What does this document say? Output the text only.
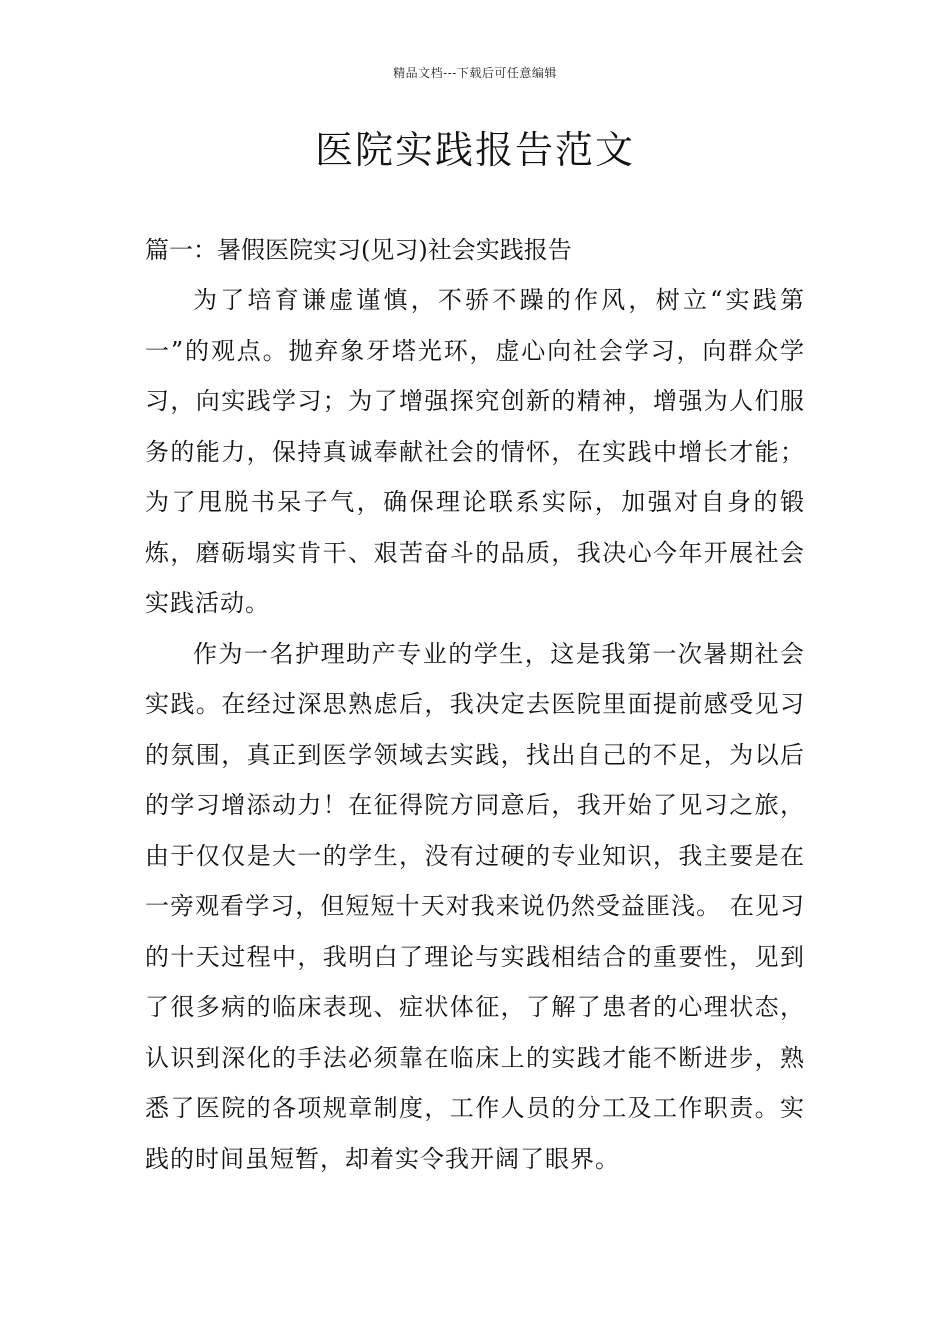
精品文档---下载后可任意编辑
医院实践报告范文
篇一：暑假医院实习(见习)社会实践报告

为了培育谦虚谨慎，不骄不躁的作风，树立“实践第一”的观点。抛弃象牙塔光环，虚心向社会学习，向群众学习，向实践学习；为了增强探究创新的精神，增强为人们服务的能力，保持真诚奉献社会的情怀，在实践中增长才能；为了甩脱书呆子气，确保理论联系实际，加强对自身的锻炼，磨砺塌实肯干、艰苦奋斗的品质，我决心今年开展社会实践活动。

作为一名护理助产专业的学生，这是我第一次暑期社会实践。在经过深思熟虑后，我决定去医院里面提前感受见习的氛围，真正到医学领域去实践，找出自己的不足，为以后的学习增添动力！在征得院方同意后，我开始了见习之旅，由于仅仅是大一的学生，没有过硬的专业知识，我主要是在一旁观看学习，但短短十天对我来说仍然受益匪浅。 在见习的十天过程中，我明白了理论与实践相结合的重要性，见到了很多病的临床表现、症状体征，了解了患者的心理状态，认识到深化的手法必须靠在临床上的实践才能不断进步，熟悉了医院的各项规章制度，工作人员的分工及工作职责。实践的时间虽短暂，却着实令我开阔了眼界。
